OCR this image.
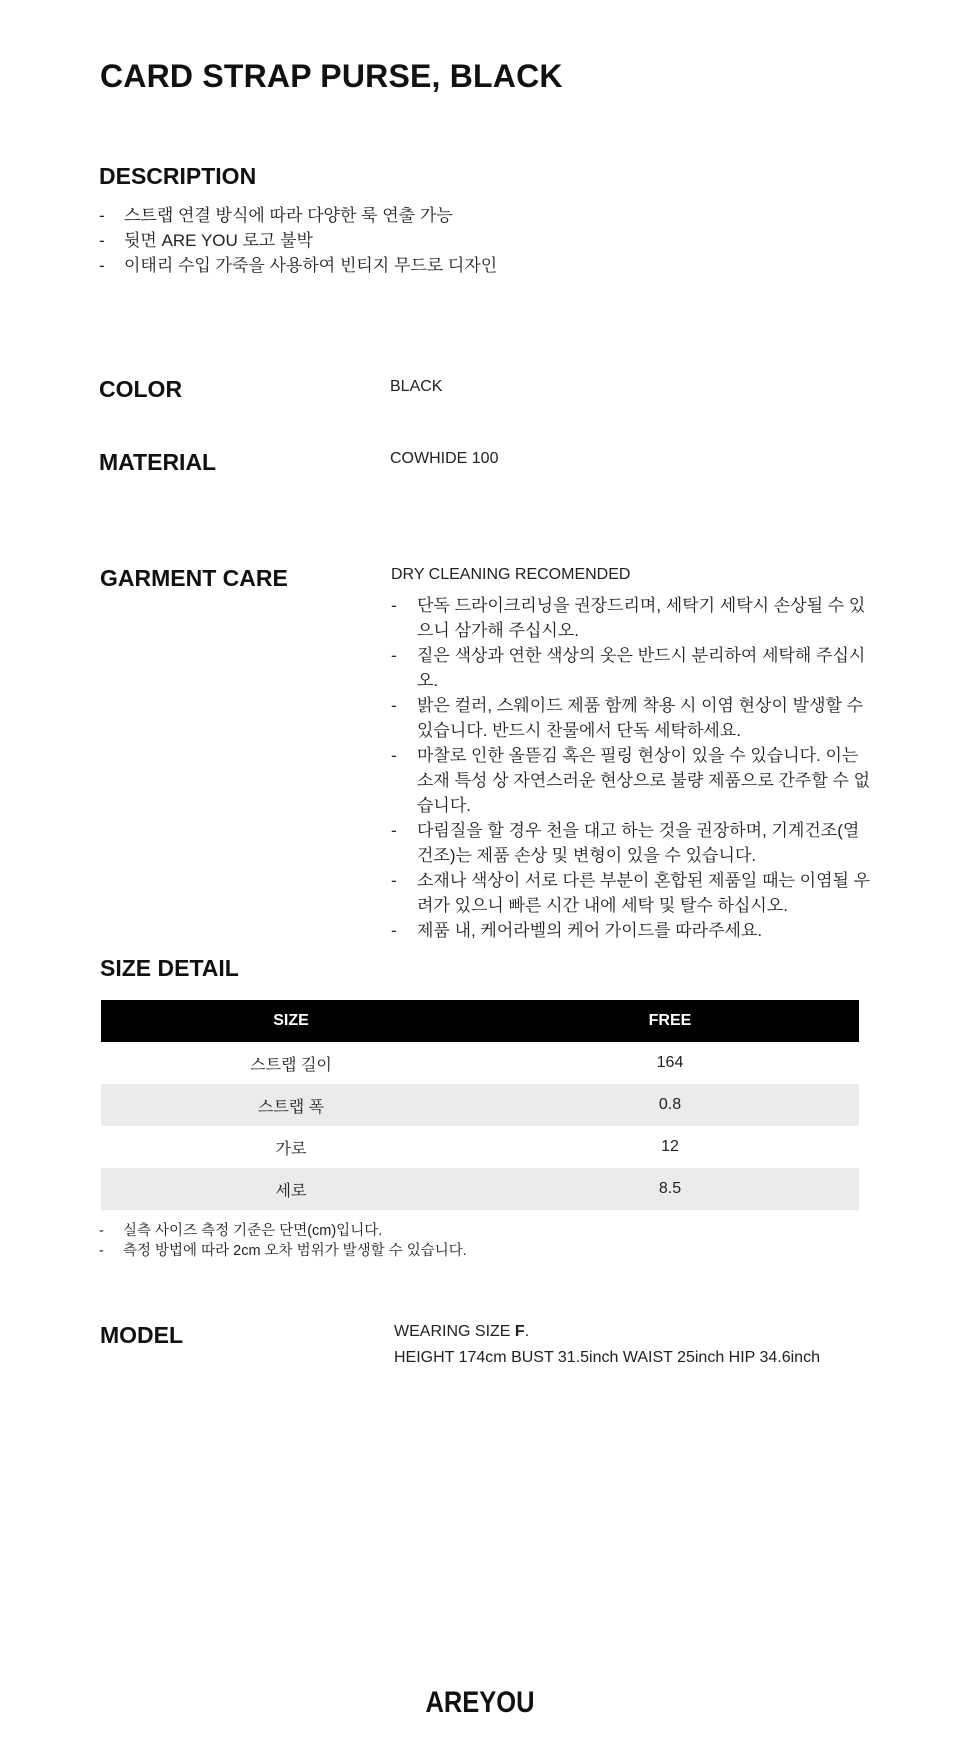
CARD STRAP PURSE, BLACK
DESCRIPTION
- 스트랩 연결 방식에 따라 다양한 룩 연출 가능
- 뒷면 ARE YOU 로고 불박
- 이태리 수입 가죽을 사용하여 빈티지 무드로 디자인
COLOR	BLACK
MATERIAL	COWHIDE 100
GARMENT CARE	DRY CLEANING RECOMENDED
- 단독 드라이크리닝을 권장드리며, 세탁기 세탁시 손상될 수 있으니 삼가해 주십시오.
- 짙은 색상과 연한 색상의 옷은 반드시 분리하여 세탁해 주십시오.
- 밝은 컬러, 스웨이드 제품 함께 착용 시 이염 현상이 발생할 수 있습니다. 반드시 찬물에서 단독 세탁하세요.
- 마찰로 인한 올뜯김 혹은 필링 현상이 있을 수 있습니다. 이는 소재 특성 상 자연스러운 현상으로 불량 제품으로 간주할 수 없습니다.
- 다림질을 할 경우 천을 대고 하는 것을 권장하며, 기계건조(열건조)는 제품 손상 및 변형이 있을 수 있습니다.
- 소재나 색상이 서로 다른 부분이 혼합된 제품일 때는 이염될 우려가 있으니 빠른 시간 내에 세탁 및 탈수 하십시오.
- 제품 내, 케어라벨의 케어 가이드를 따라주세요.
SIZE DETAIL
SIZE	FREE
스트랩 길이	164
스트랩 폭	0.8
가로	12
세로	8.5
- 실측 사이즈 측정 기준은 단면(cm)입니다.
- 측정 방법에 따라 2cm 오차 범위가 발생할 수 있습니다.
MODEL	WEARING SIZE F.
HEIGHT 174cm BUST 31.5inch WAIST 25inch HIP 34.6inch
AREYOU
